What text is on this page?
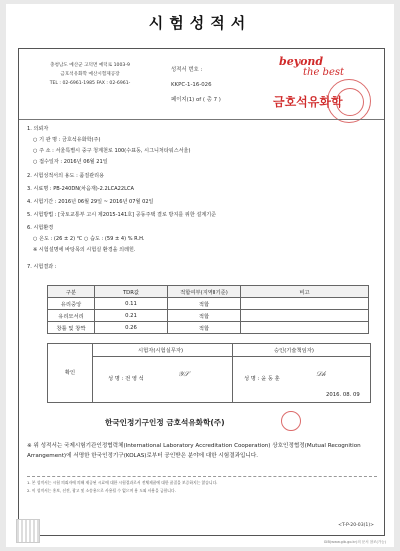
시험성적서
충청남도 예산군 고덕면 예덕로 1003-9
금호석유화학 예산시험제공장
TEL : 02-6961-1985 FAX : 02-6961-
성적서 번호 :
KKPC-1-16-026
페이지(1) of ( 총 7 )
beyond
the best
금호석유화학
1. 의뢰자
○ 기 관 명 : 금호석유화학(주)
○ 주 소 : 서울특별시 중구 청계천로 100(수표동, 시그니처타워스서울)
○ 접수일자 : 2016년 06월 21일
2. 시험성적서의 용도 : 품질관리용
3. 시료명 : PB-240DN(차음재)-2.2LCA22LCA
4. 시험기간 : 2016년 06월 29일 ~ 2016년 07월 02일
5. 시험방법 : [국토교통부 고시 제2015-141호] 공동주택 결로 방지를 위한 설계기준
6. 시험환경
○ 온도 : (26 ± 2) ℃ ○ 습도 : (59 ± 4) % R.H.
※ 시험설명에 바탕목의 시험실 환경을 의레힌.
7. 시험결과 :
구분	TDR값	적합여부(지역Ⅱ기준)	비고
유리중앙	0.11	적합	
유리모서리	0.21	적합	
창틀 및 창짝	0.26	적합	
확인
시험자(시험실무자)	승인(기술책임자)
성 명 : 전 영 석	성 명 : 윤 동 훈
𝒴𝒮	𝒟𝒽
2016. 08. 09
한국인정기구인정 금호석유화학(주)
※ 위 성적서는 국제시험기관인정협력체(International Laboratory Accreditation Cooperation) 상호인정협정(Mutual Recognition Arrangement)에 서명한 한국인정기구(KOLAS)로부터 공인받은 분야에 대한 시험결과입니다.
1. 본 성적서는 시험 의뢰자에 의해 제공된 시료에 대한 시험결과로서 전체제품에 대한 품질을 보증하지는 않습니다.
2. 이 성적서는 홍보, 선전, 광고 및 소송용으로 사용될 수 없으며 용 도외 사용을 금합니다.
<T-P-20-03(1)>
GIB(www.gib.go.kr)의 문서 참조(가능)
